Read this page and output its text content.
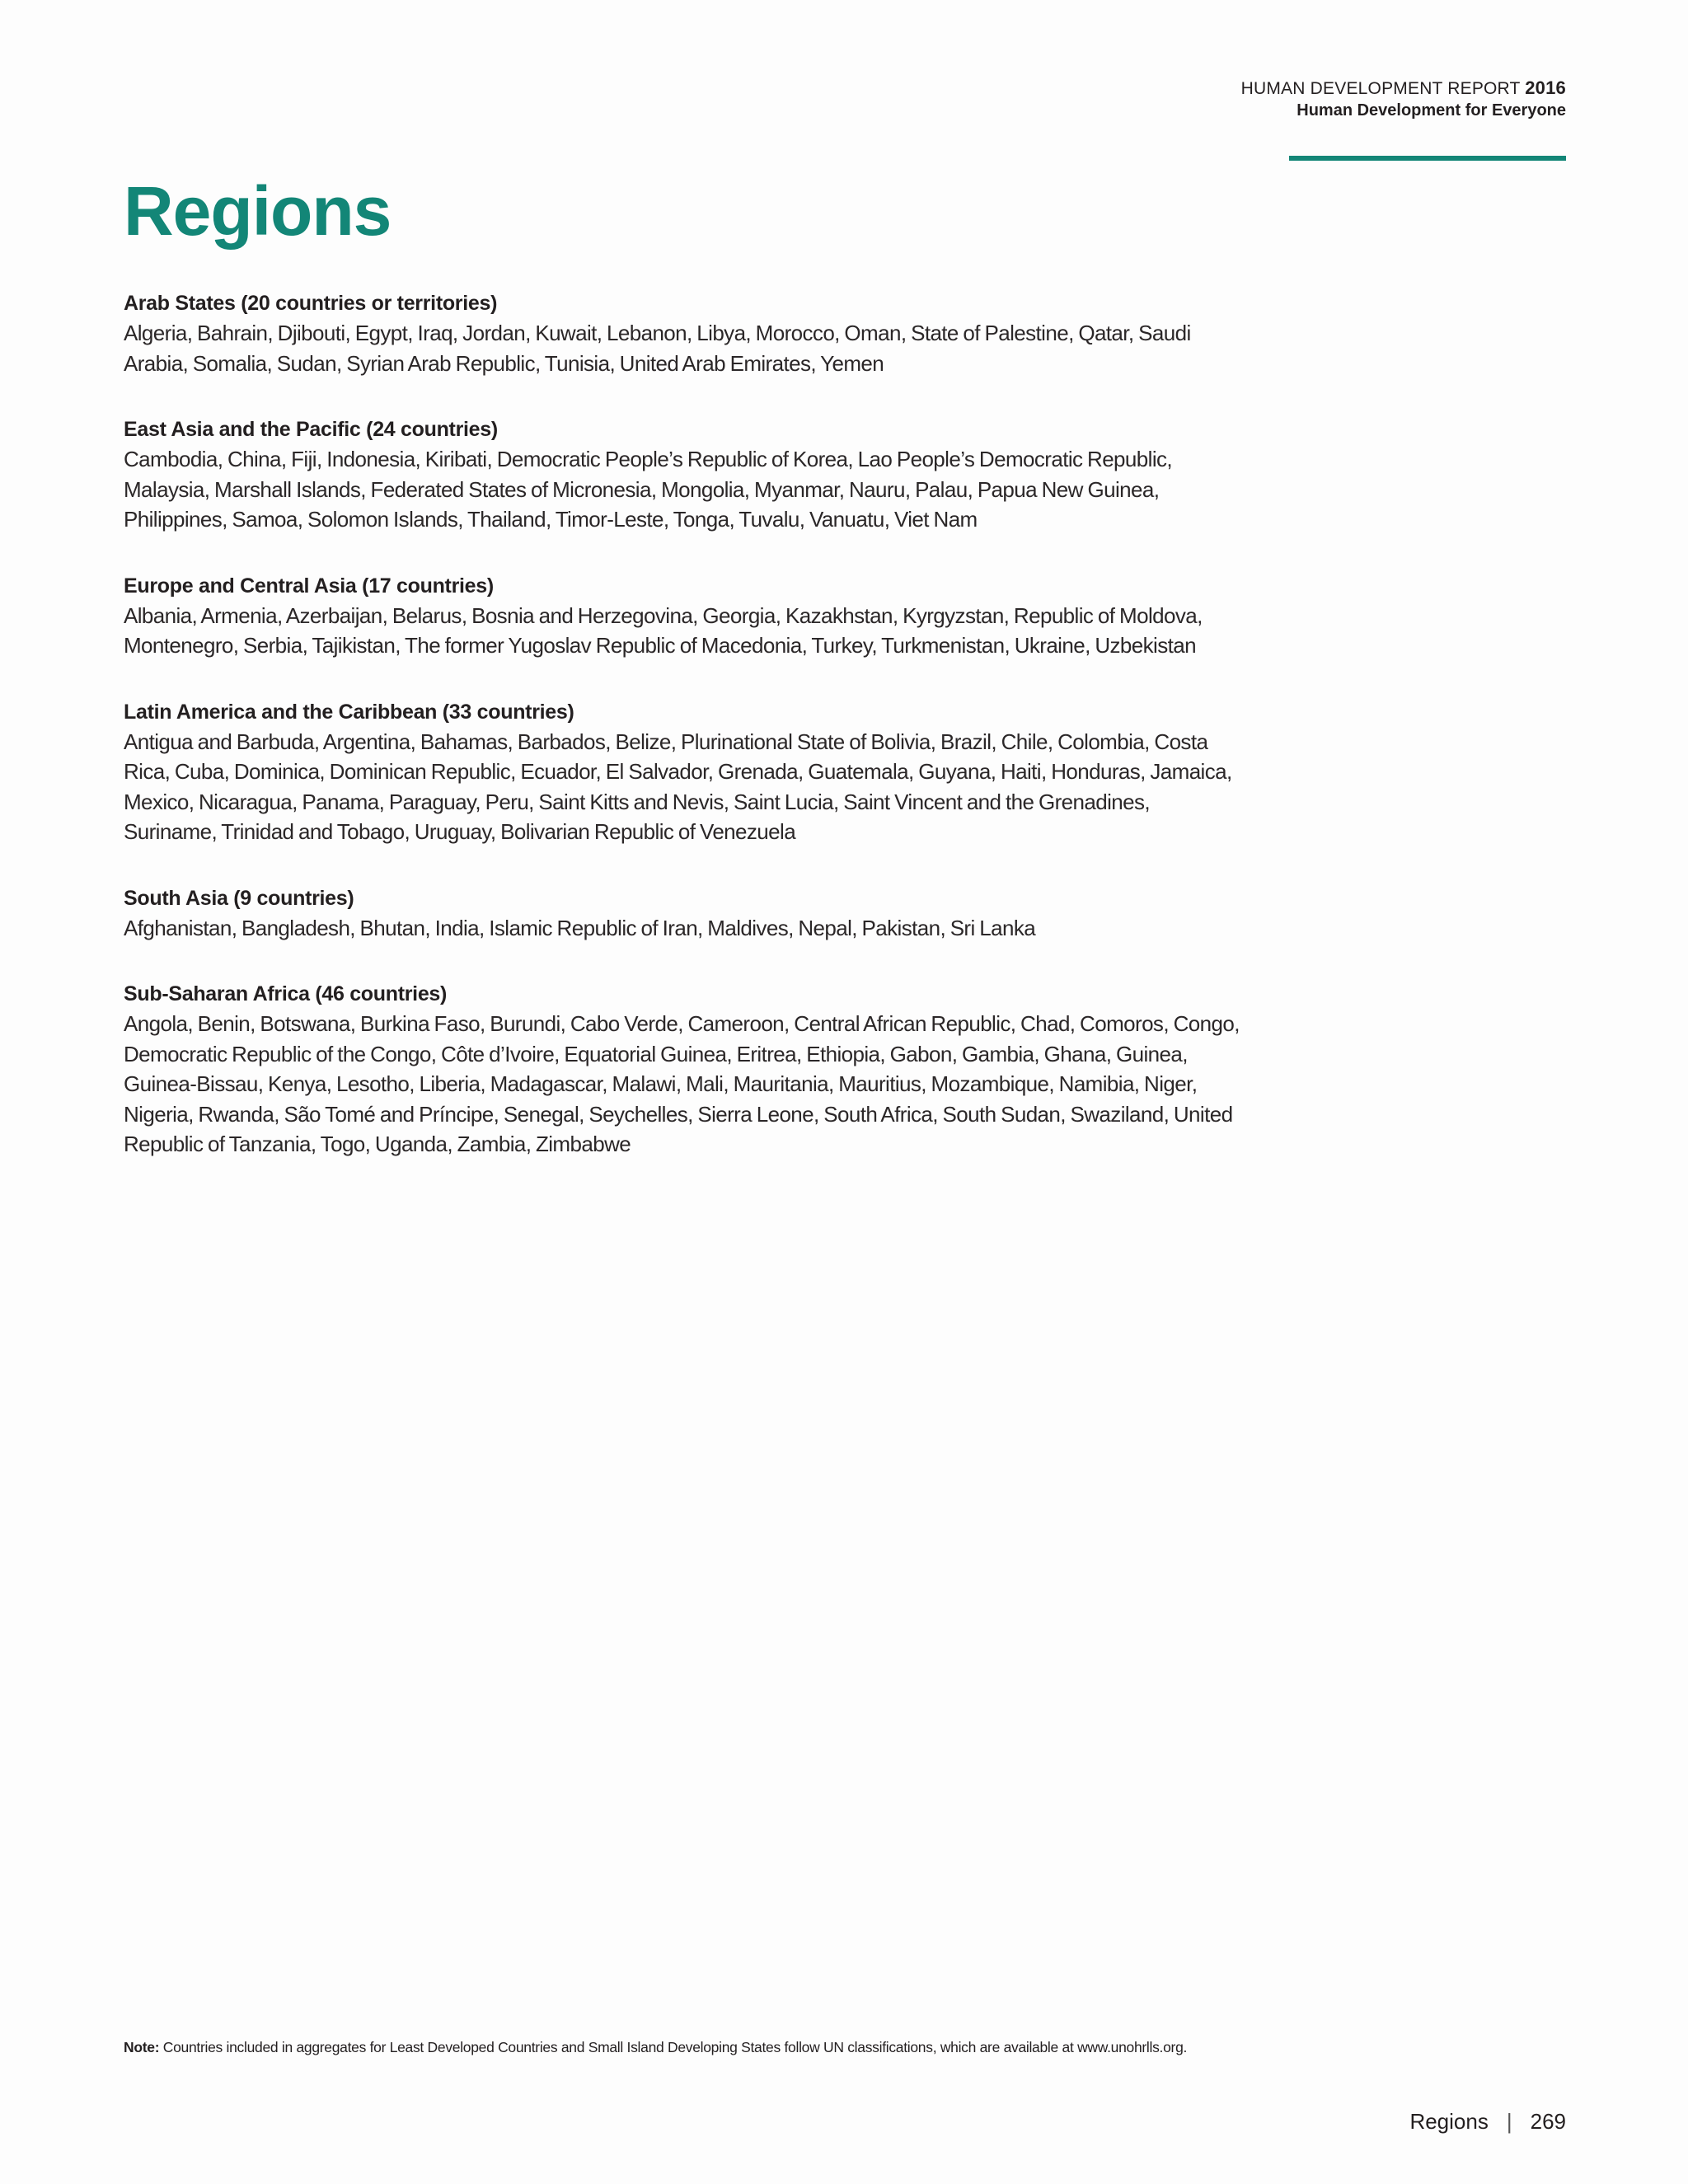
HUMAN DEVELOPMENT REPORT 2016
Human Development for Everyone
Regions
Arab States (20 countries or territories)
Algeria, Bahrain, Djibouti, Egypt, Iraq, Jordan, Kuwait, Lebanon, Libya, Morocco, Oman, State of Palestine, Qatar, Saudi Arabia, Somalia, Sudan, Syrian Arab Republic, Tunisia, United Arab Emirates, Yemen
East Asia and the Pacific (24 countries)
Cambodia, China, Fiji, Indonesia, Kiribati, Democratic People’s Republic of Korea, Lao People’s Democratic Republic, Malaysia, Marshall Islands, Federated States of Micronesia, Mongolia, Myanmar, Nauru, Palau, Papua New Guinea, Philippines, Samoa, Solomon Islands, Thailand, Timor-Leste, Tonga, Tuvalu, Vanuatu, Viet Nam
Europe and Central Asia (17 countries)
Albania, Armenia, Azerbaijan, Belarus, Bosnia and Herzegovina, Georgia, Kazakhstan, Kyrgyzstan, Republic of Moldova, Montenegro, Serbia, Tajikistan, The former Yugoslav Republic of Macedonia, Turkey, Turkmenistan, Ukraine, Uzbekistan
Latin America and the Caribbean (33 countries)
Antigua and Barbuda, Argentina, Bahamas, Barbados, Belize, Plurinational State of Bolivia, Brazil, Chile, Colombia, Costa Rica, Cuba, Dominica, Dominican Republic, Ecuador, El Salvador, Grenada, Guatemala, Guyana, Haiti, Honduras, Jamaica, Mexico, Nicaragua, Panama, Paraguay, Peru, Saint Kitts and Nevis, Saint Lucia, Saint Vincent and the Grenadines, Suriname, Trinidad and Tobago, Uruguay, Bolivarian Republic of Venezuela
South Asia (9 countries)
Afghanistan, Bangladesh, Bhutan, India, Islamic Republic of Iran, Maldives, Nepal, Pakistan, Sri Lanka
Sub-Saharan Africa (46 countries)
Angola, Benin, Botswana, Burkina Faso, Burundi, Cabo Verde, Cameroon, Central African Republic, Chad, Comoros, Congo, Democratic Republic of the Congo, Côte d’Ivoire, Equatorial Guinea, Eritrea, Ethiopia, Gabon, Gambia, Ghana, Guinea, Guinea-Bissau, Kenya, Lesotho, Liberia, Madagascar, Malawi, Mali, Mauritania, Mauritius, Mozambique, Namibia, Niger, Nigeria, Rwanda, São Tomé and Príncipe, Senegal, Seychelles, Sierra Leone, South Africa, South Sudan, Swaziland, United Republic of Tanzania, Togo, Uganda, Zambia, Zimbabwe
Note: Countries included in aggregates for Least Developed Countries and Small Island Developing States follow UN classifications, which are available at www.unohrlls.org.
Regions | 269
